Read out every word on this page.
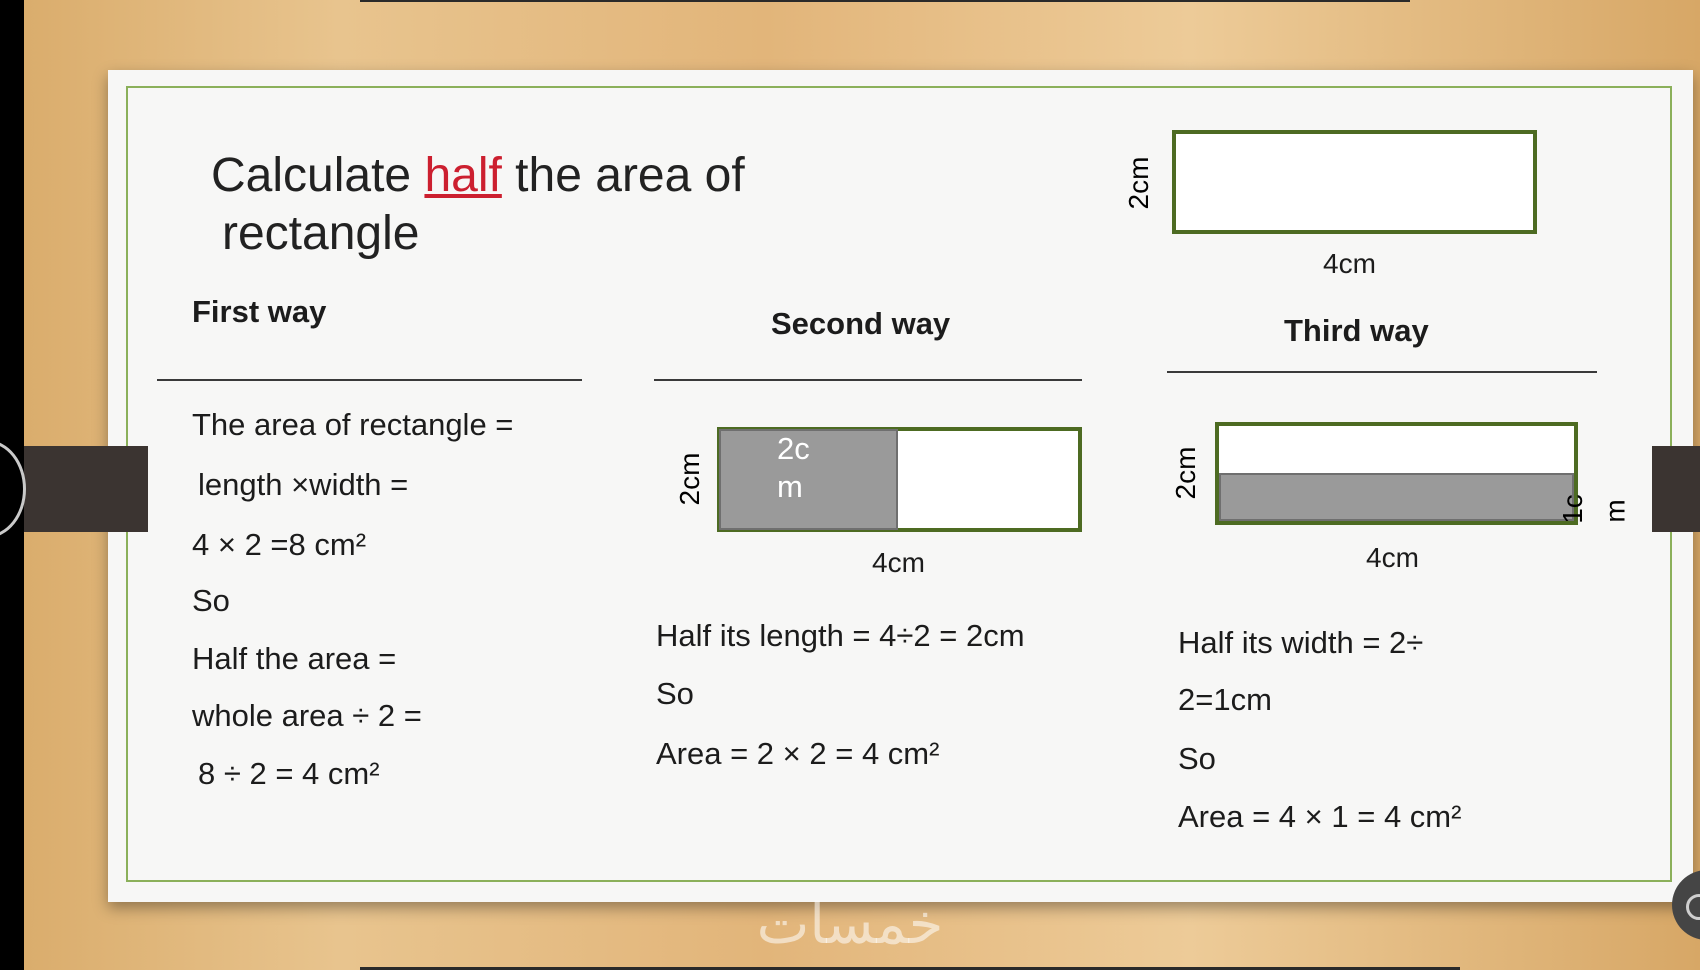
Calculate half the area of
rectangle
2cm
4cm
First way	Second way	Third way
The area of rectangle =
length ×width =
4 × 2 =8 cm²
So
Half the area =
whole area ÷ 2 =
8 ÷ 2 = 4 cm²
2c
m
2cm
4cm
Half its length = 4÷2 = 2cm
So
Area = 2 × 2 = 4 cm²
2cm
4cm
1c m
Half its width = 2÷
2=1cm
So
Area = 4 × 1 = 4 cm²
خمسات
